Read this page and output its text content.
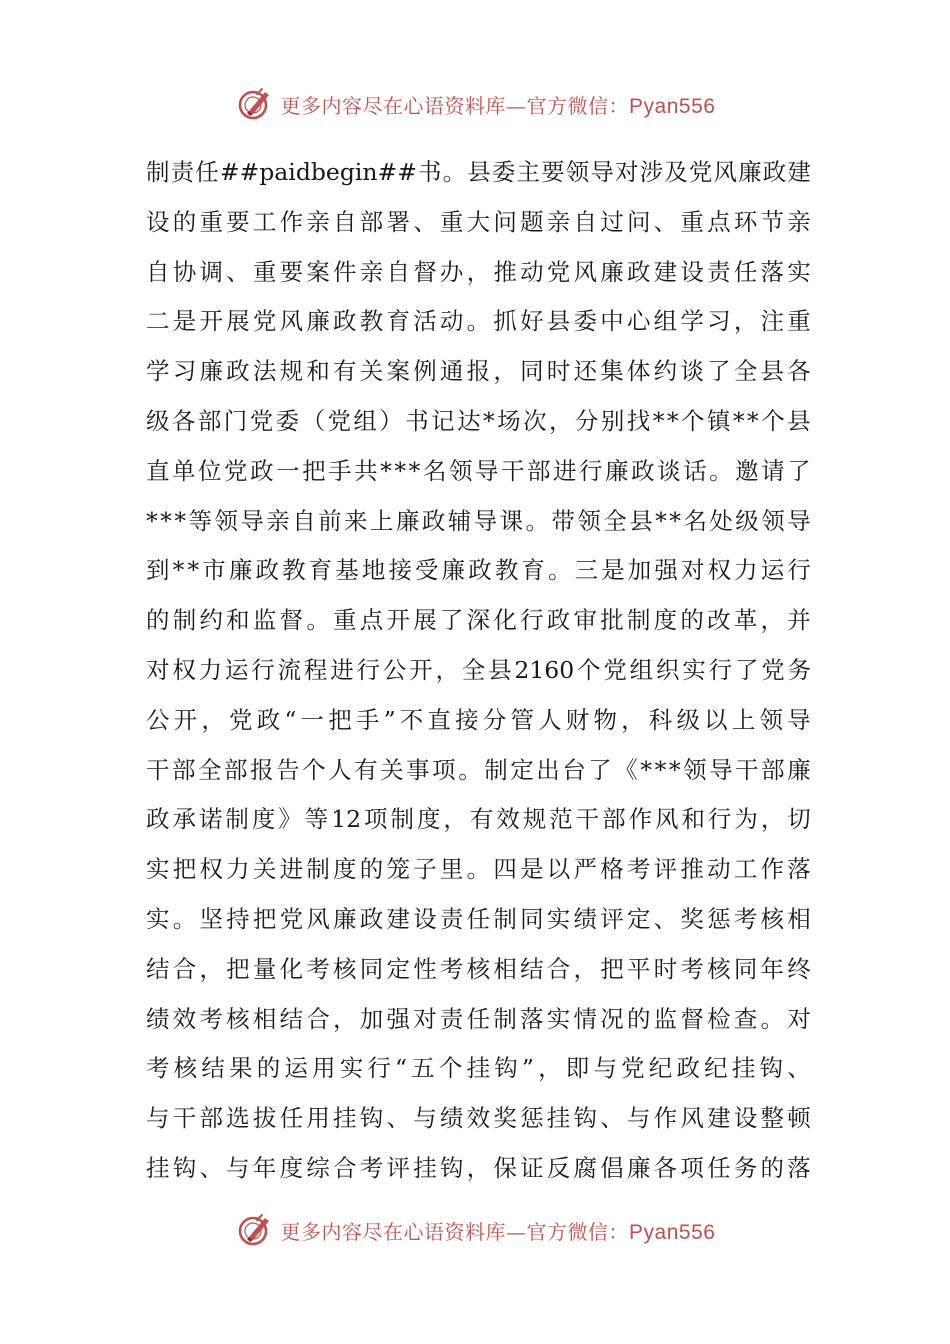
更多内容尽在心语资料库—官方微信：Pyan556
制 责 任 ##paidbegin## 书 。 县 委 主 要 领 导 对 涉 及 党 风 廉 政 建
设 的 重 要 工 作 亲 自 部 署 、 重 大 问 题 亲 自 过 问 、 重 点 环 节 亲
自 协 调 、 重 要 案 件 亲 自 督 办 ， 推 动 党 风 廉 政 建 设 责 任 落 实
二 是 开 展 党 风 廉 政 教 育 活 动 。 抓 好 县 委 中 心 组 学 习 ， 注 重
学 习 廉 政 法 规 和 有 关 案 例 通 报 ， 同 时 还 集 体 约 谈 了 全 县 各
级 各 部 门 党 委 （ 党 组 ） 书 记 达 * 场 次 ， 分 别 找 * * 个 镇 * * 个 县
直 单 位 党 政 一 把 手 共 * * * 名 领 导 干 部 进 行 廉 政 谈 话 。 邀 请 了
* * * 等 领 导 亲 自 前 来 上 廉 政 辅 导 课 。 带 领 全 县 * * 名 处 级 领 导
到 * * 市 廉 政 教 育 基 地 接 受 廉 政 教 育 。 三 是 加 强 对 权 力 运 行
的 制 约 和 监 督 。 重 点 开 展 了 深 化 行 政 审 批 制 度 的 改 革 ， 并
对 权 力 运 行 流 程 进 行 公 开 ， 全 县 2160 个 党 组 织 实 行 了 党 务
公 开 ， 党 政 “ 一 把 手 ” 不 直 接 分 管 人 财 物 ， 科 级 以 上 领 导
干 部 全 部 报 告 个 人 有 关 事 项 。 制 定 出 台 了 《 * * * 领 导 干 部 廉
政 承 诺 制 度 》 等 12 项 制 度 ， 有 效 规 范 干 部 作 风 和 行 为 ， 切
实 把 权 力 关 进 制 度 的 笼 子 里 。 四 是 以 严 格 考 评 推 动 工 作 落
实 。 坚 持 把 党 风 廉 政 建 设 责 任 制 同 实 绩 评 定 、 奖 惩 考 核 相
结 合 ， 把 量 化 考 核 同 定 性 考 核 相 结 合 ， 把 平 时 考 核 同 年 终
绩 效 考 核 相 结 合 ， 加 强 对 责 任 制 落 实 情 况 的 监 督 检 查 。 对
考 核 结 果 的 运 用 实 行 “ 五 个 挂 钩 ” ， 即 与 党 纪 政 纪 挂 钩 、
与 干 部 选 拔 任 用 挂 钩 、 与 绩 效 奖 惩 挂 钩 、 与 作 风 建 设 整 顿
挂 钩 、 与 年 度 综 合 考 评 挂 钩 ， 保 证 反 腐 倡 廉 各 项 任 务 的 落
更多内容尽在心语资料库—官方微信：Pyan556
